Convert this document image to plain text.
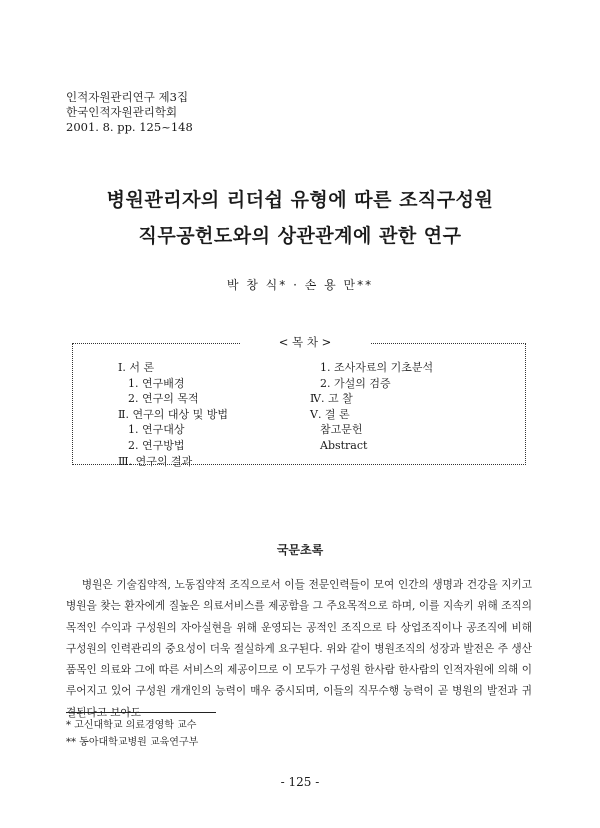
인적자원관리연구 제3집
한국인적자원관리학회
2001. 8. pp. 125~148
병원관리자의 리더쉽 유형에 따른 조직구성원
직무공헌도와의 상관관계에 관한 연구
박 창 식* · 손 용 만**
< 목 차 >
Ⅰ. 서 론
1. 연구배경
2. 연구의 목적
Ⅱ. 연구의 대상 및 방법
1. 연구대상
2. 연구방법
Ⅲ. 연구의 결과
1. 조사자료의 기초분석
2. 가설의 검증
Ⅳ. 고 찰
Ⅴ. 결 론
참고문헌
Abstract
국문초록

병원은 기술집약적, 노동집약적 조직으로서 이들 전문인력들이 모여 인간의 생명과 건강을 지키고 병원을 찾는 환자에게 질높은 의료서비스를 제공함을 그 주요목적으로 하며, 이를 지속키 위해 조직의 목적인 수익과 구성원의 자아실현을 위해 운영되는 공적인 조직으로 타 상업조직이나 공조직에 비해 구성원의 인력관리의 중요성이 더욱 절실하게 요구된다. 위와 같이 병원조직의 성장과 발전은 주 생산품목인 의료와 그에 따른 서비스의 제공이므로 이 모두가 구성원 한사람 한사람의 인적자원에 의해 이루어지고 있어 구성원 개개인의 능력이 매우 중시되며, 이들의 직무수행 능력이 곧 병원의 발전과 귀결된다고 보아도

* 고신대학교 의료경영학 교수
** 동아대학교병원 교육연구부
- 125 -
